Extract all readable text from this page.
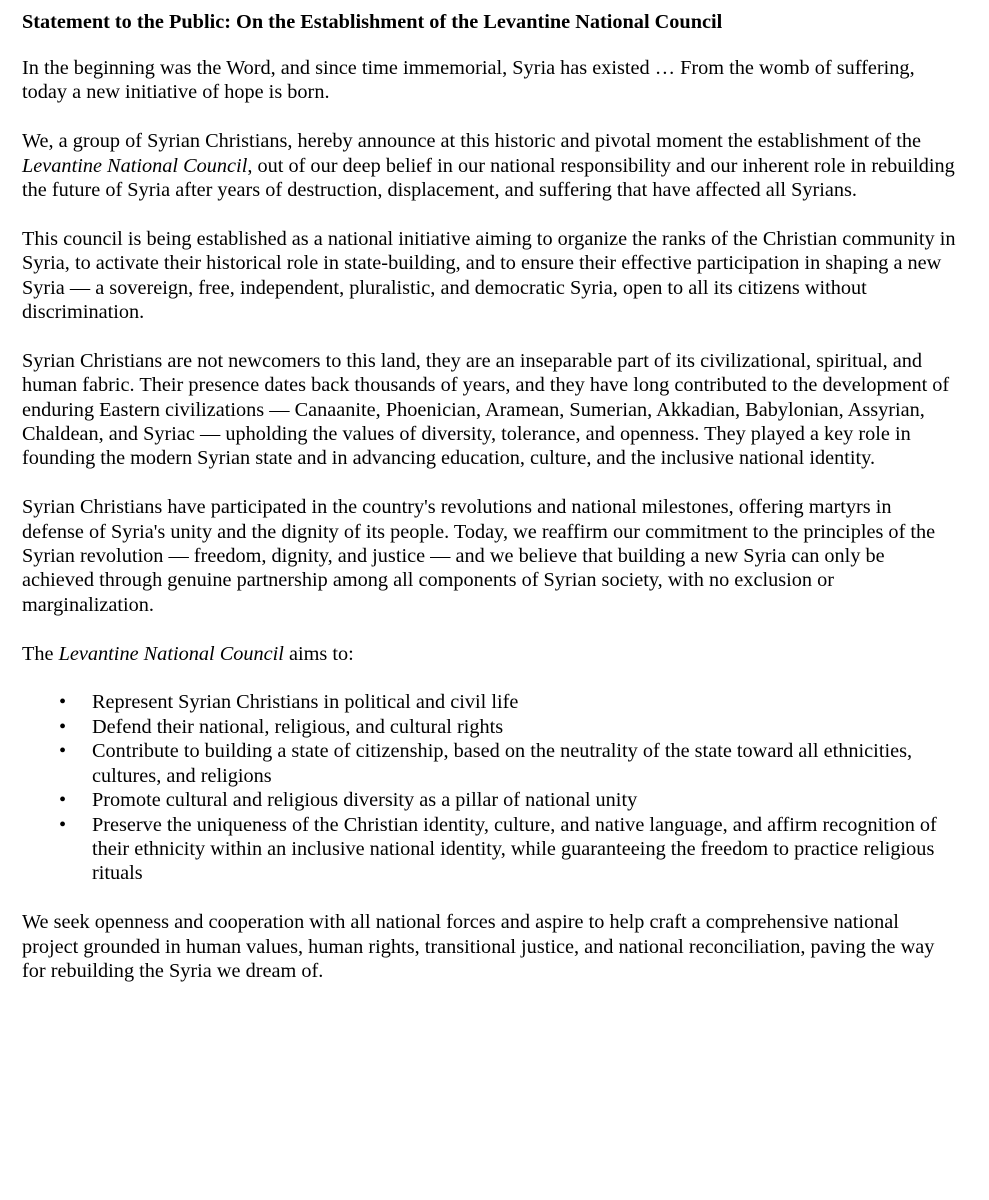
Statement to the Public: On the Establishment of the Levantine National Council

In the beginning was the Word, and since time immemorial, Syria has existed … From the womb of suffering, today a new initiative of hope is born.

We, a group of Syrian Christians, hereby announce at this historic and pivotal moment the establishment of the Levantine National Council, out of our deep belief in our national responsibility and our inherent role in rebuilding the future of Syria after years of destruction, displacement, and suffering that have affected all Syrians.

This council is being established as a national initiative aiming to organize the ranks of the Christian community in Syria, to activate their historical role in state-building, and to ensure their effective participation in shaping a new Syria — a sovereign, free, independent, pluralistic, and democratic Syria, open to all its citizens without discrimination.

Syrian Christians are not newcomers to this land, they are an inseparable part of its civilizational, spiritual, and human fabric. Their presence dates back thousands of years, and they have long contributed to the development of enduring Eastern civilizations — Canaanite, Phoenician, Aramean, Sumerian, Akkadian, Babylonian, Assyrian, Chaldean, and Syriac — upholding the values of diversity, tolerance, and openness. They played a key role in founding the modern Syrian state and in advancing education, culture, and the inclusive national identity.

Syrian Christians have participated in the country's revolutions and national milestones, offering martyrs in defense of Syria's unity and the dignity of its people. Today, we reaffirm our commitment to the principles of the Syrian revolution — freedom, dignity, and justice — and we believe that building a new Syria can only be achieved through genuine partnership among all components of Syrian society, with no exclusion or marginalization.

The Levantine National Council aims to:

• Represent Syrian Christians in political and civil life
• Defend their national, religious, and cultural rights
• Contribute to building a state of citizenship, based on the neutrality of the state toward all ethnicities, cultures, and religions
• Promote cultural and religious diversity as a pillar of national unity
• Preserve the uniqueness of the Christian identity, culture, and native language, and affirm recognition of their ethnicity within an inclusive national identity, while guaranteeing the freedom to practice religious rituals

We seek openness and cooperation with all national forces and aspire to help craft a comprehensive national project grounded in human values, human rights, transitional justice, and national reconciliation, paving the way for rebuilding the Syria we dream of.
